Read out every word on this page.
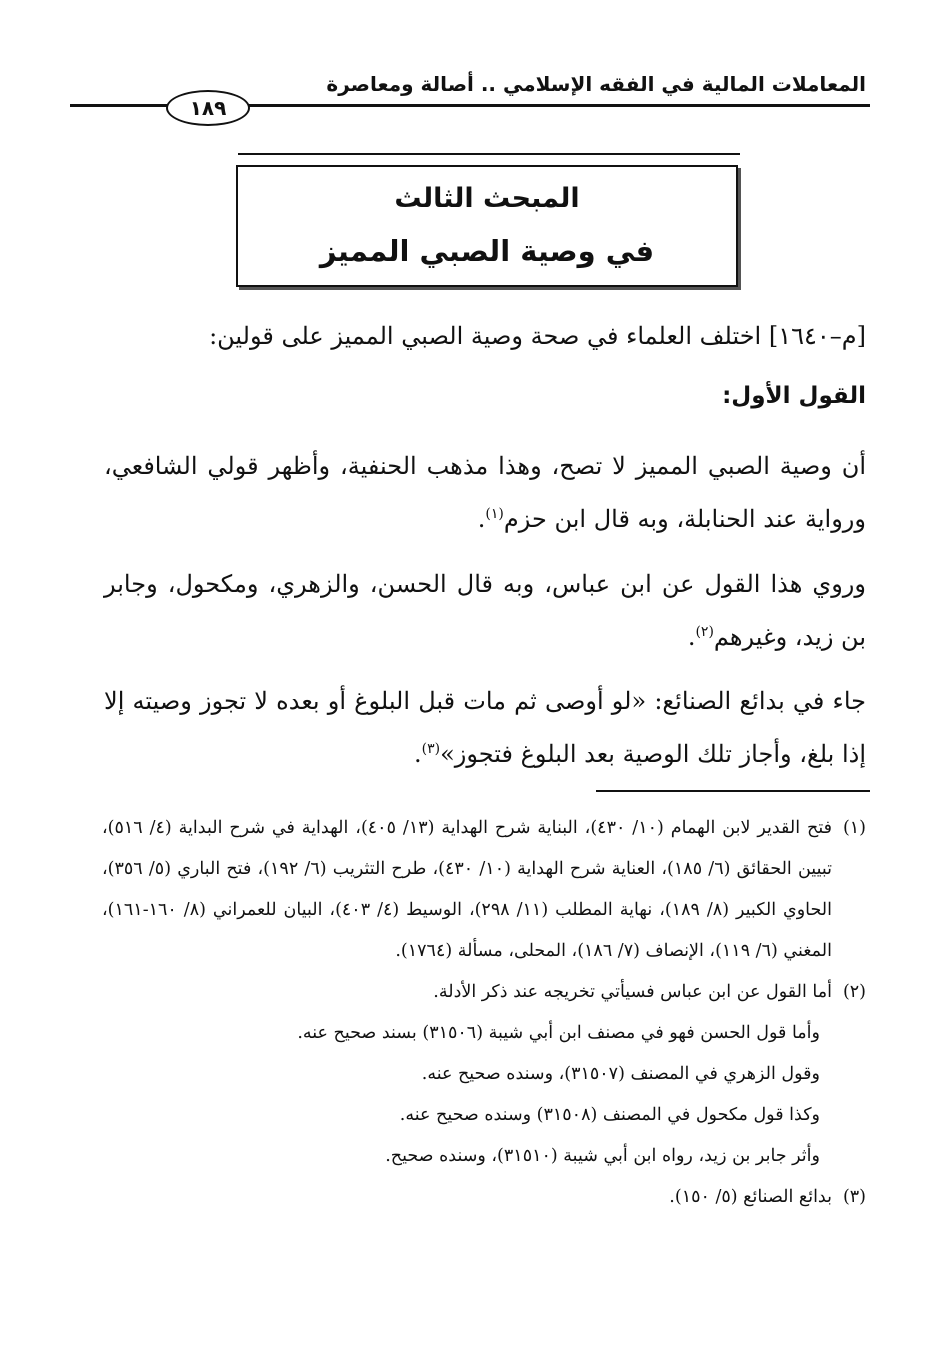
المعاملات المالية في الفقه الإسلامي .. أصالة ومعاصرة
١٨٩
المبحث الثالث
في وصية الصبي المميز
[م–١٦٤٠] اختلف العلماء في صحة وصية الصبي المميز على قولين:
القول الأول:
أن وصية الصبي المميز لا تصح، وهذا مذهب الحنفية، وأظهر قولي الشافعي، ورواية عند الحنابلة، وبه قال ابن حزم$^{(١)}$.
وروي هذا القول عن ابن عباس، وبه قال الحسن، والزهري، ومكحول، وجابر بن زيد، وغيرهم$^{(٢)}$.
جاء في بدائع الصنائع: «لو أوصى ثم مات قبل البلوغ أو بعده لا تجوز وصيته إلا إذا بلغ، وأجاز تلك الوصية بعد البلوغ فتجوز»$^{(٣)}$.
(١)
فتح القدير لابن الهمام (١٠/ ٤٣٠)، البناية شرح الهداية (١٣/ ٤٠٥)، الهداية في شرح البداية (٤/ ٥١٦)، تبيين الحقائق (٦/ ١٨٥)، العناية شرح الهداية (١٠/ ٤٣٠)، طرح التثريب (٦/ ١٩٢)، فتح الباري (٥/ ٣٥٦)، الحاوي الكبير (٨/ ١٨٩)، نهاية المطلب (١١/ ٢٩٨)، الوسيط (٤/ ٤٠٣)، البيان للعمراني (٨/ ١٦٠-١٦١)، المغني (٦/ ١١٩)، الإنصاف (٧/ ١٨٦)، المحلى، مسألة (١٧٦٤).
(٢)
أما القول عن ابن عباس فسيأتي تخريجه عند ذكر الأدلة.
وأما قول الحسن فهو في مصنف ابن أبي شيبة (٣١٥٠٦) بسند صحيح عنه.
وقول الزهري في المصنف (٣١٥٠٧)، وسنده صحيح عنه.
وكذا قول مكحول في المصنف (٣١٥٠٨) وسنده صحيح عنه.
وأثر جابر بن زيد، رواه ابن أبي شيبة (٣١٥١٠)، وسنده صحيح.
(٣)
بدائع الصنائع (٥/ ١٥٠).
